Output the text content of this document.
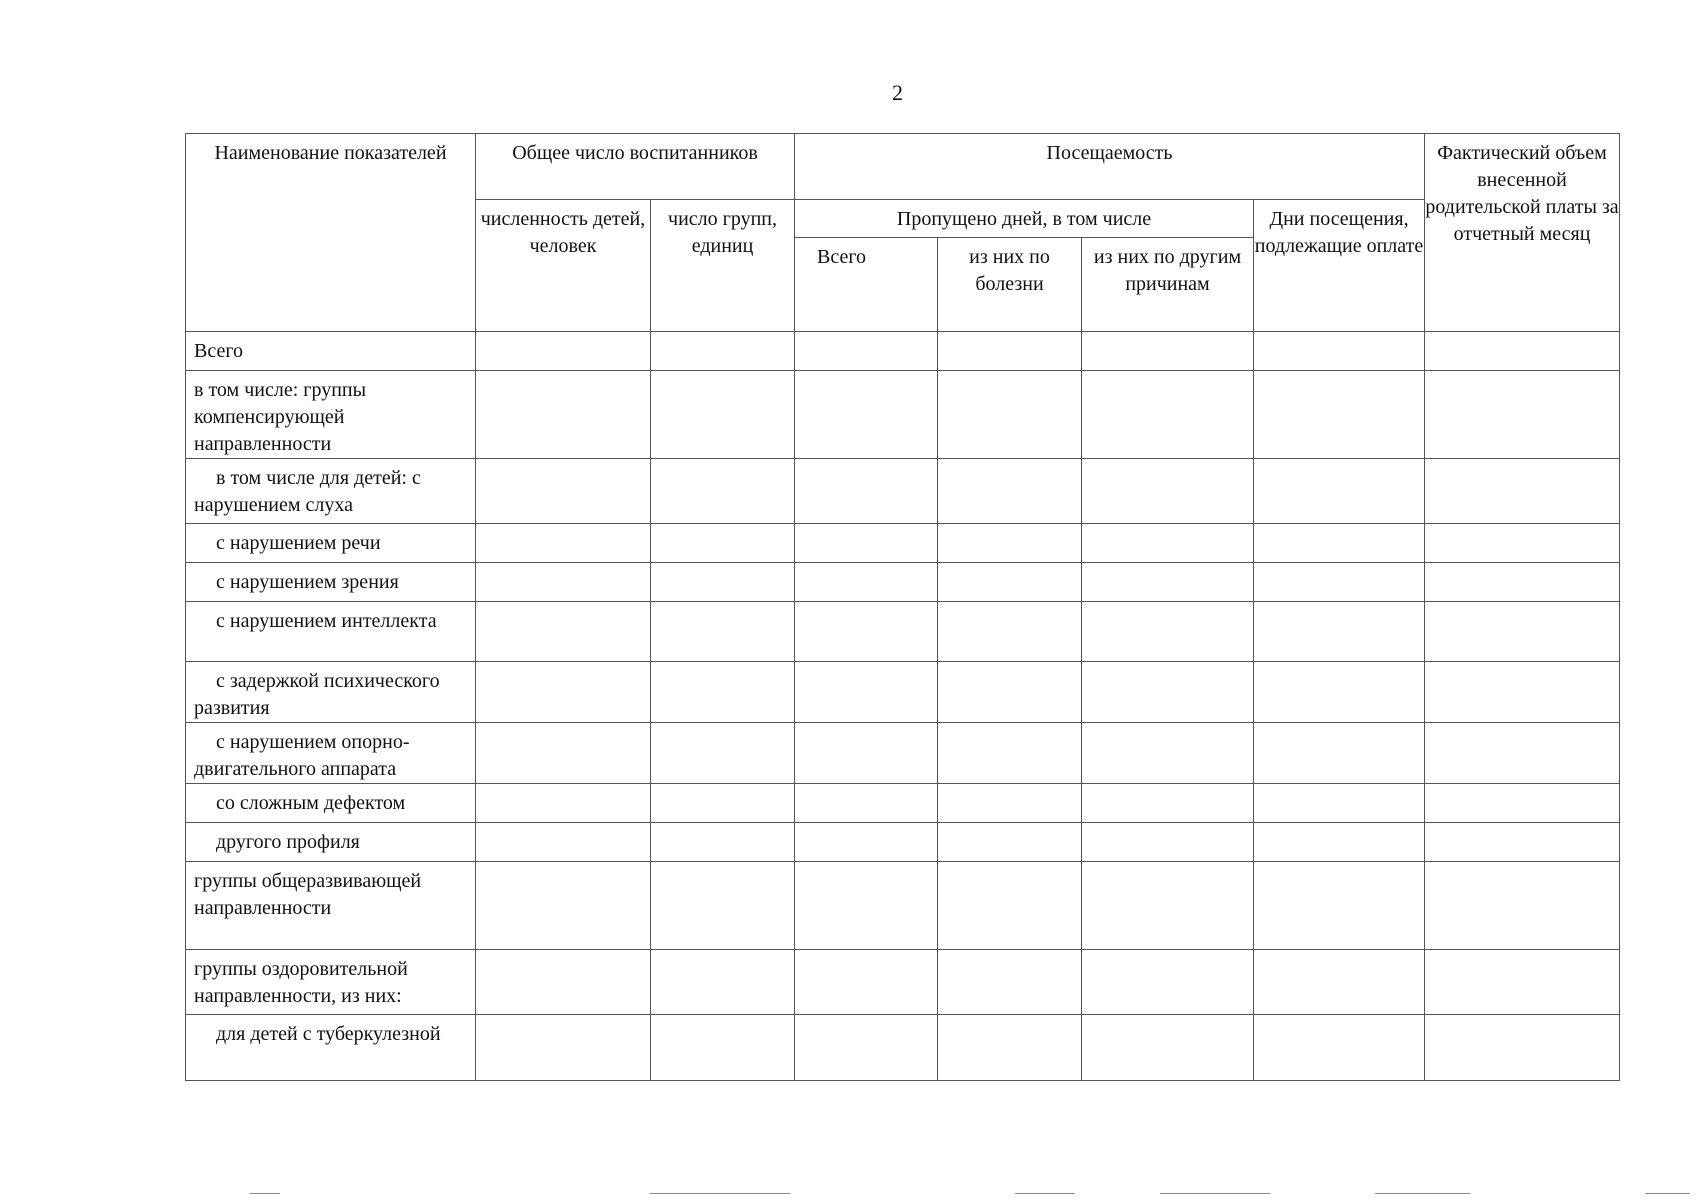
2
Наименование показателей	Общее число воспитанников		Посещаемость				Фактический объем внесенной родительской платы за отчетный месяц
	численность детей, человек	число групп, единиц	Пропущено дней, в том числе			Дни посещения, подлежащие оплате	
			Всего	из них по болезни	из них по другим причинам		
Всего							
в том числе: группы компенсирующей направленности							
в том числе для детей: с нарушением слуха							
с нарушением речи							
с нарушением зрения							
с нарушением интеллекта							
с задержкой психического развития							
с нарушением опорно-двигательного аппарата							
со сложным дефектом							
другого профиля							
группы общеразвивающей направленности							
группы оздоровительной направленности, из них:							
для детей с туберкулезной							
